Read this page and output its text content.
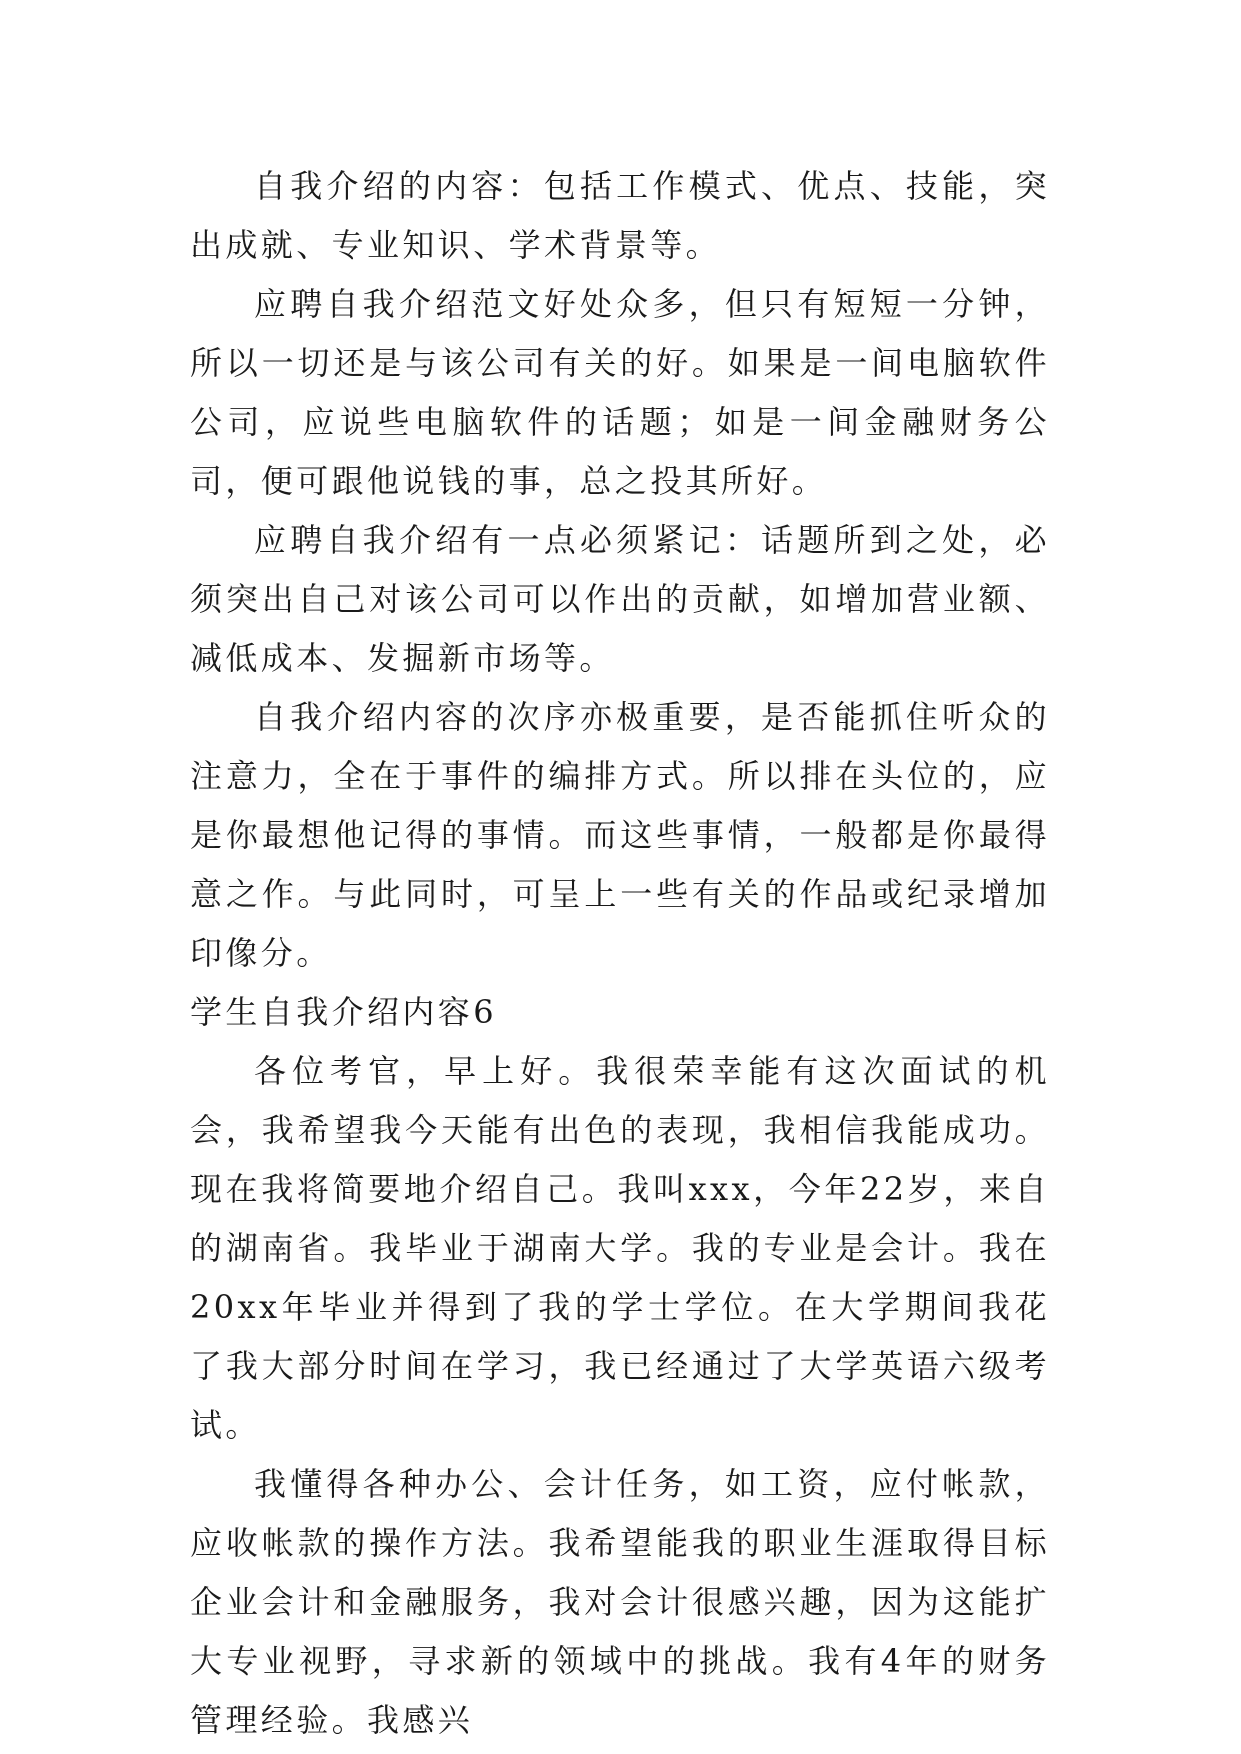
自我介绍的内容：包括工作模式、优点、技能，突出成就、专业知识、学术背景等。

应聘自我介绍范文好处众多，但只有短短一分钟，所以一切还是与该公司有关的好。如果是一间电脑软件公司，应说些电脑软件的话题；如是一间金融财务公司，便可跟他说钱的事，总之投其所好。

应聘自我介绍有一点必须紧记：话题所到之处，必须突出自己对该公司可以作出的贡献，如增加营业额、减低成本、发掘新市场等。

自我介绍内容的次序亦极重要，是否能抓住听众的注意力，全在于事件的编排方式。所以排在头位的，应是你最想他记得的事情。而这些事情，一般都是你最得意之作。与此同时，可呈上一些有关的作品或纪录增加印像分。

学生自我介绍内容6

各位考官，早上好。我很荣幸能有这次面试的机会，我希望我今天能有出色的表现，我相信我能成功。现在我将简要地介绍自己。我叫xxx，今年22岁，来自的湖南省。我毕业于湖南大学。我的专业是会计。我在20xx年毕业并得到了我的学士学位。在大学期间我花了我大部分时间在学习，我已经通过了大学英语六级考试。

我懂得各种办公、会计任务，如工资，应付帐款，应收帐款的操作方法。我希望能我的职业生涯取得目标企业会计和金融服务，我对会计很感兴趣，因为这能扩大专业视野，寻求新的领域中的挑战。我有4年的财务管理经验。我感兴
